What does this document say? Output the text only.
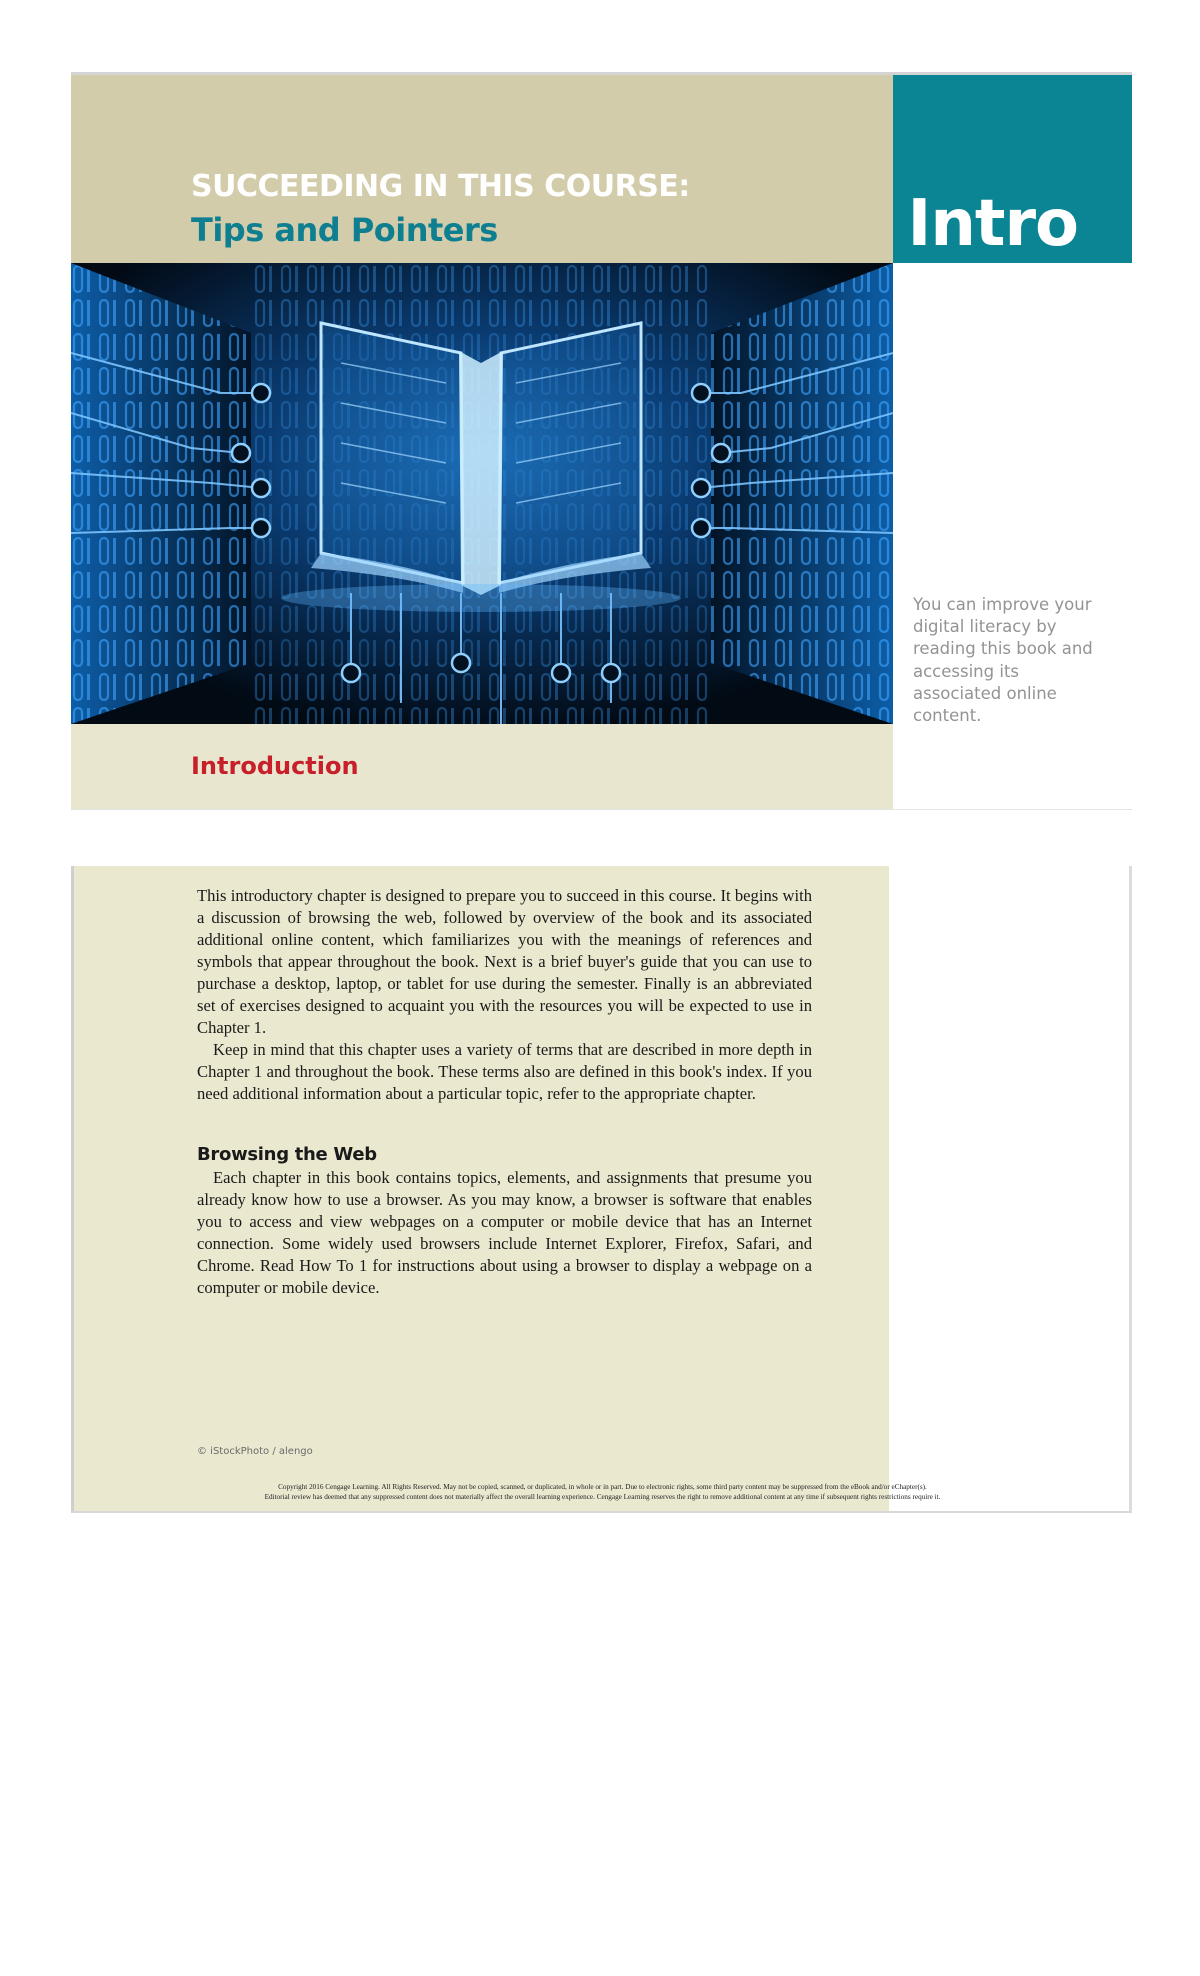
SUCCEEDING IN THIS COURSE:
Tips and Pointers	Intro
Introduction
You can improve your digital literacy by reading this book and accessing its associated online content.

This introductory chapter is designed to prepare you to succeed in this course. It begins with a discussion of browsing the web, followed by overview of the book and its associated additional online content, which familiarizes you with the meanings of references and symbols that appear throughout the book. Next is a brief buyer's guide that you can use to purchase a desktop, laptop, or tablet for use during the semester. Finally is an abbreviated set of exercises designed to acquaint you with the resources you will be expected to use in Chapter 1.

Keep in mind that this chapter uses a variety of terms that are described in more depth in Chapter 1 and throughout the book. These terms also are defined in this book's index. If you need additional information about a particular topic, refer to the appropriate chapter.

Browsing the Web

Each chapter in this book contains topics, elements, and assignments that presume you already know how to use a browser. As you may know, a browser is software that enables you to access and view webpages on a computer or mobile device that has an Internet connection. Some widely used browsers include Internet Explorer, Firefox, Safari, and Chrome. Read How To 1 for instructions about using a browser to display a webpage on a computer or mobile device.

© iStockPhoto / alengo
Copyright 2016 Cengage Learning. All Rights Reserved. May not be copied, scanned, or duplicated, in whole or in part. Due to electronic rights, some third party content may be suppressed from the eBook and/or eChapter(s).
Editorial review has deemed that any suppressed content does not materially affect the overall learning experience. Cengage Learning reserves the right to remove additional content at any time if subsequent rights restrictions require it.
